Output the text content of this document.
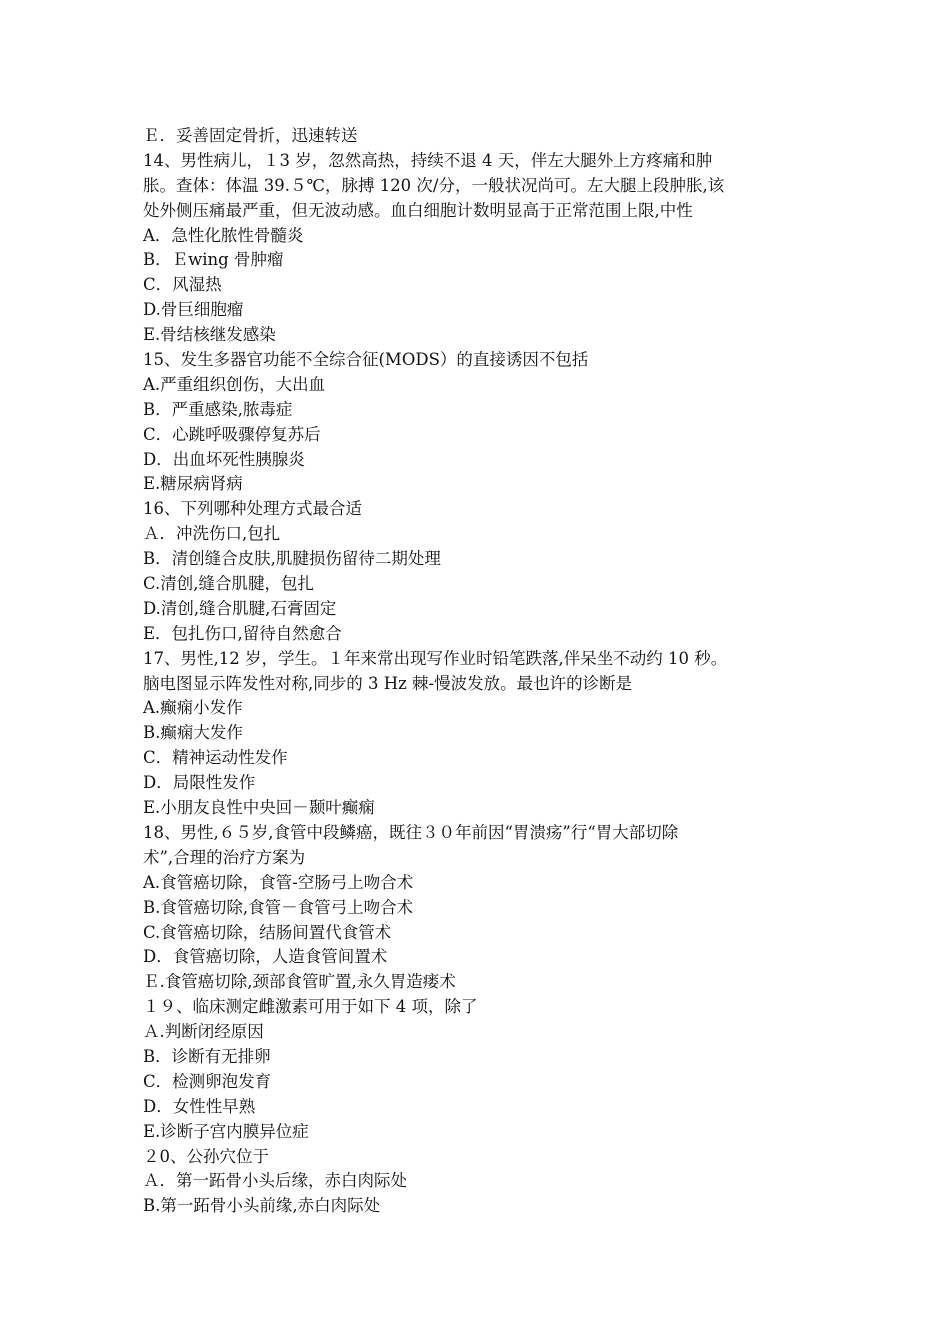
Ｅ．妥善固定骨折，迅速转送
14、男性病儿，１3 岁，忽然高热，持续不退 4 天，伴左大腿外上方疼痛和肿
胀。查体：体温 39.５℃，脉搏 120 次/分，一般状况尚可。左大腿上段肿胀,该
处外侧压痛最严重，但无波动感。血白细胞计数明显高于正常范围上限,中性
A．急性化脓性骨髓炎
B．Ｅwing 骨肿瘤
C．风湿热
D.骨巨细胞瘤
E.骨结核继发感染
15、发生多器官功能不全综合征(MODS）的直接诱因不包括
A.严重组织创伤，大出血
B．严重感染,脓毒症
C．心跳呼吸骤停复苏后
D．出血坏死性胰腺炎
E.糖尿病肾病
16、下列哪种处理方式最合适
Ａ．冲洗伤口,包扎
B．清创缝合皮肤,肌腱损伤留待二期处理
C.清创,缝合肌腱，包扎
D.清创,缝合肌腱,石膏固定
E．包扎伤口,留待自然愈合
17、男性,12 岁，学生。１年来常出现写作业时铅笔跌落,伴呆坐不动约 10 秒。
脑电图显示阵发性对称,同步的 3 Hz 棘-慢波发放。最也许的诊断是
A.癫痫小发作
B.癫痫大发作
C．精神运动性发作
D．局限性发作
E.小朋友良性中央回－颞叶癫痫
18、男性,６５岁,食管中段鳞癌，既往３０年前因“胃溃疡”行“胃大部切除
术”,合理的治疗方案为
A.食管癌切除，食管-空肠弓上吻合术
B.食管癌切除,食管－食管弓上吻合术
C.食管癌切除，结肠间置代食管术
D．食管癌切除，人造食管间置术
Ｅ.食管癌切除,颈部食管旷置,永久胃造瘘术
１９、临床测定雌激素可用于如下 4 项，除了
Ａ.判断闭经原因
B．诊断有无排卵
C．检测卵泡发育
D．女性性早熟
E.诊断子宫内膜异位症
２0、公孙穴位于
Ａ．第一跖骨小头后缘，赤白肉际处
B.第一跖骨小头前缘,赤白肉际处
